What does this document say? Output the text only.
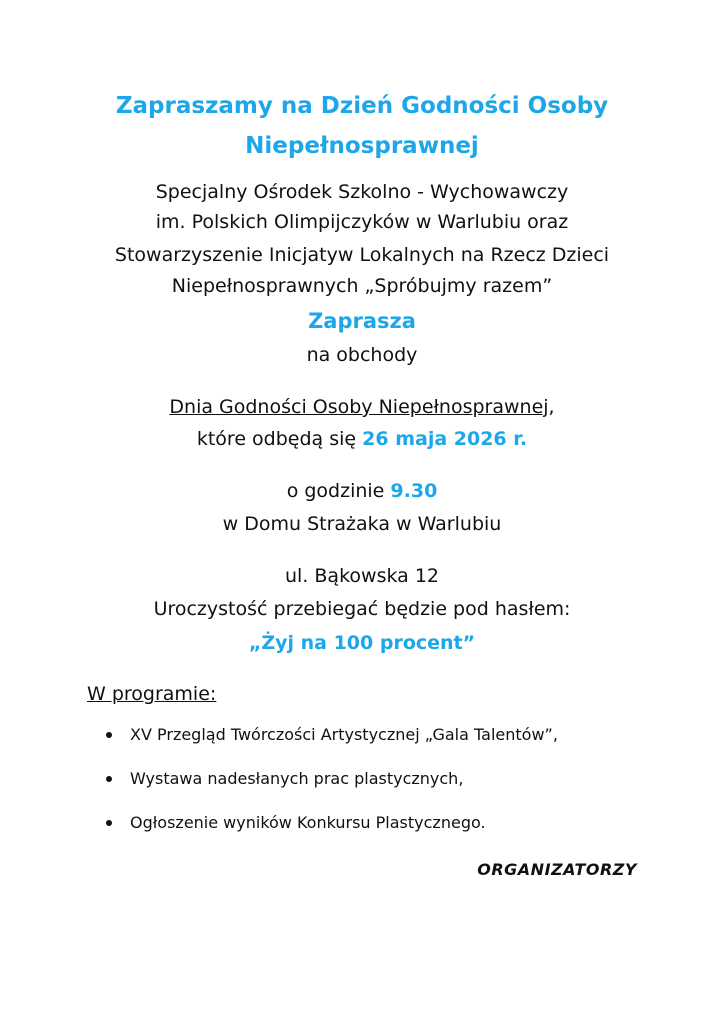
Zapraszamy na Dzień Godności Osoby
Niepełnosprawnej
Specjalny Ośrodek Szkolno - Wychowawczy
im. Polskich Olimpijczyków w Warlubiu oraz
Stowarzyszenie Inicjatyw Lokalnych na Rzecz Dzieci
Niepełnosprawnych „Spróbujmy razem”
Zaprasza
na obchody
Dnia Godności Osoby Niepełnosprawnej,
które odbędą się 26 maja 2026 r.
o godzinie 9.30
w Domu Strażaka w Warlubiu
ul. Bąkowska 12
Uroczystość przebiegać będzie pod hasłem:
„Żyj na 100 procent”
W programie:
XV Przegląd Twórczości Artystycznej „Gala Talentów”,
Wystawa nadesłanych prac plastycznych,
Ogłoszenie wyników Konkursu Plastycznego.
ORGANIZATORZY
